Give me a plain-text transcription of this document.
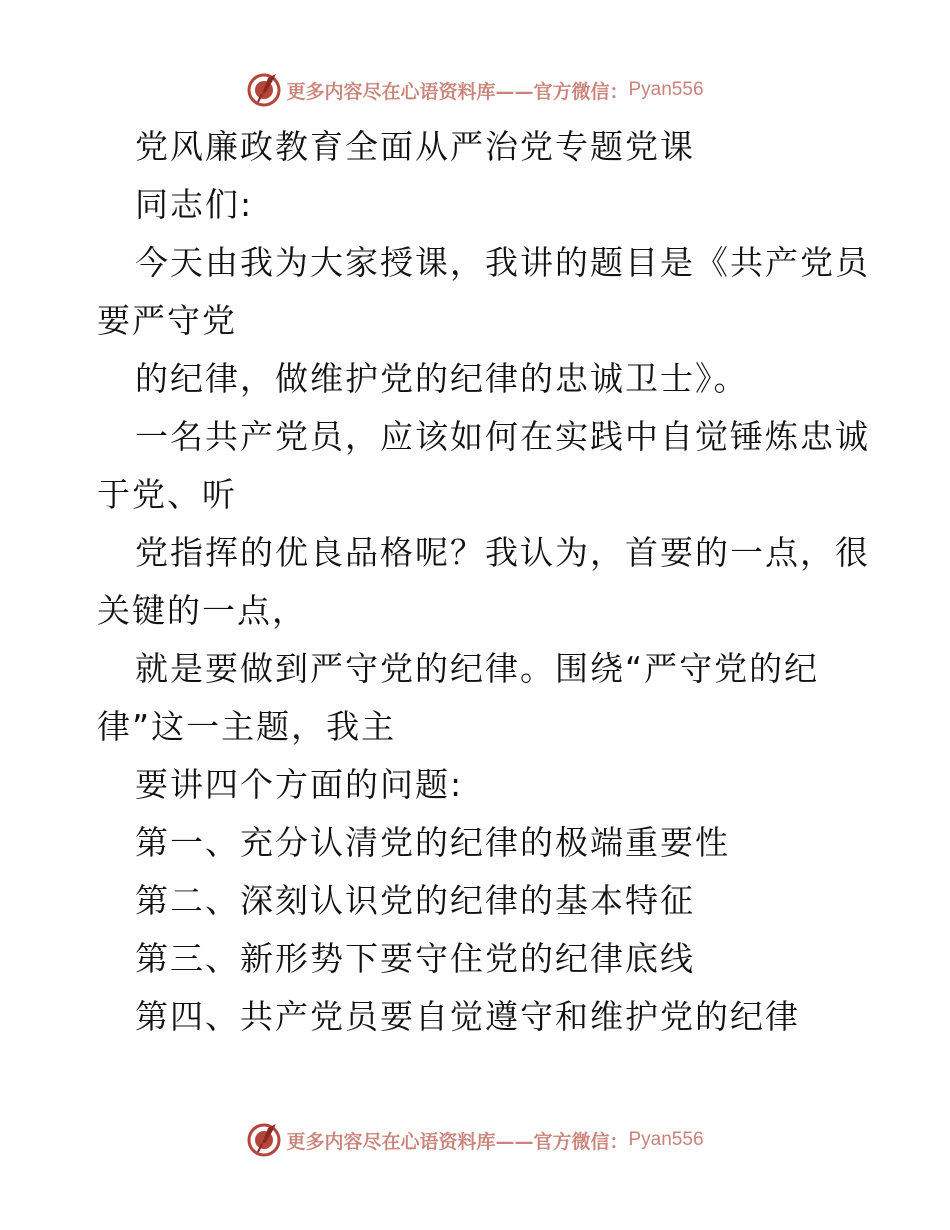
更多内容尽在心语资料库——官方微信： Pyan556
党风廉政教育全面从严治党专题党课
同志们:
今天由我为大家授课，我讲的题目是《共产党员
要严守党
的纪律，做维护党的纪律的忠诚卫士》。
一名共产党员，应该如何在实践中自觉锤炼忠诚
于党、听
党指挥的优良品格呢？我认为，首要的一点，很
关键的一点，
就是要做到严守党的纪律。围绕“严守党的纪
律”这一主题，我主
要讲四个方面的问题:
第一、充分认清党的纪律的极端重要性
第二、深刻认识党的纪律的基本特征
第三、新形势下要守住党的纪律底线
第四、共产党员要自觉遵守和维护党的纪律
更多内容尽在心语资料库——官方微信： Pyan556
